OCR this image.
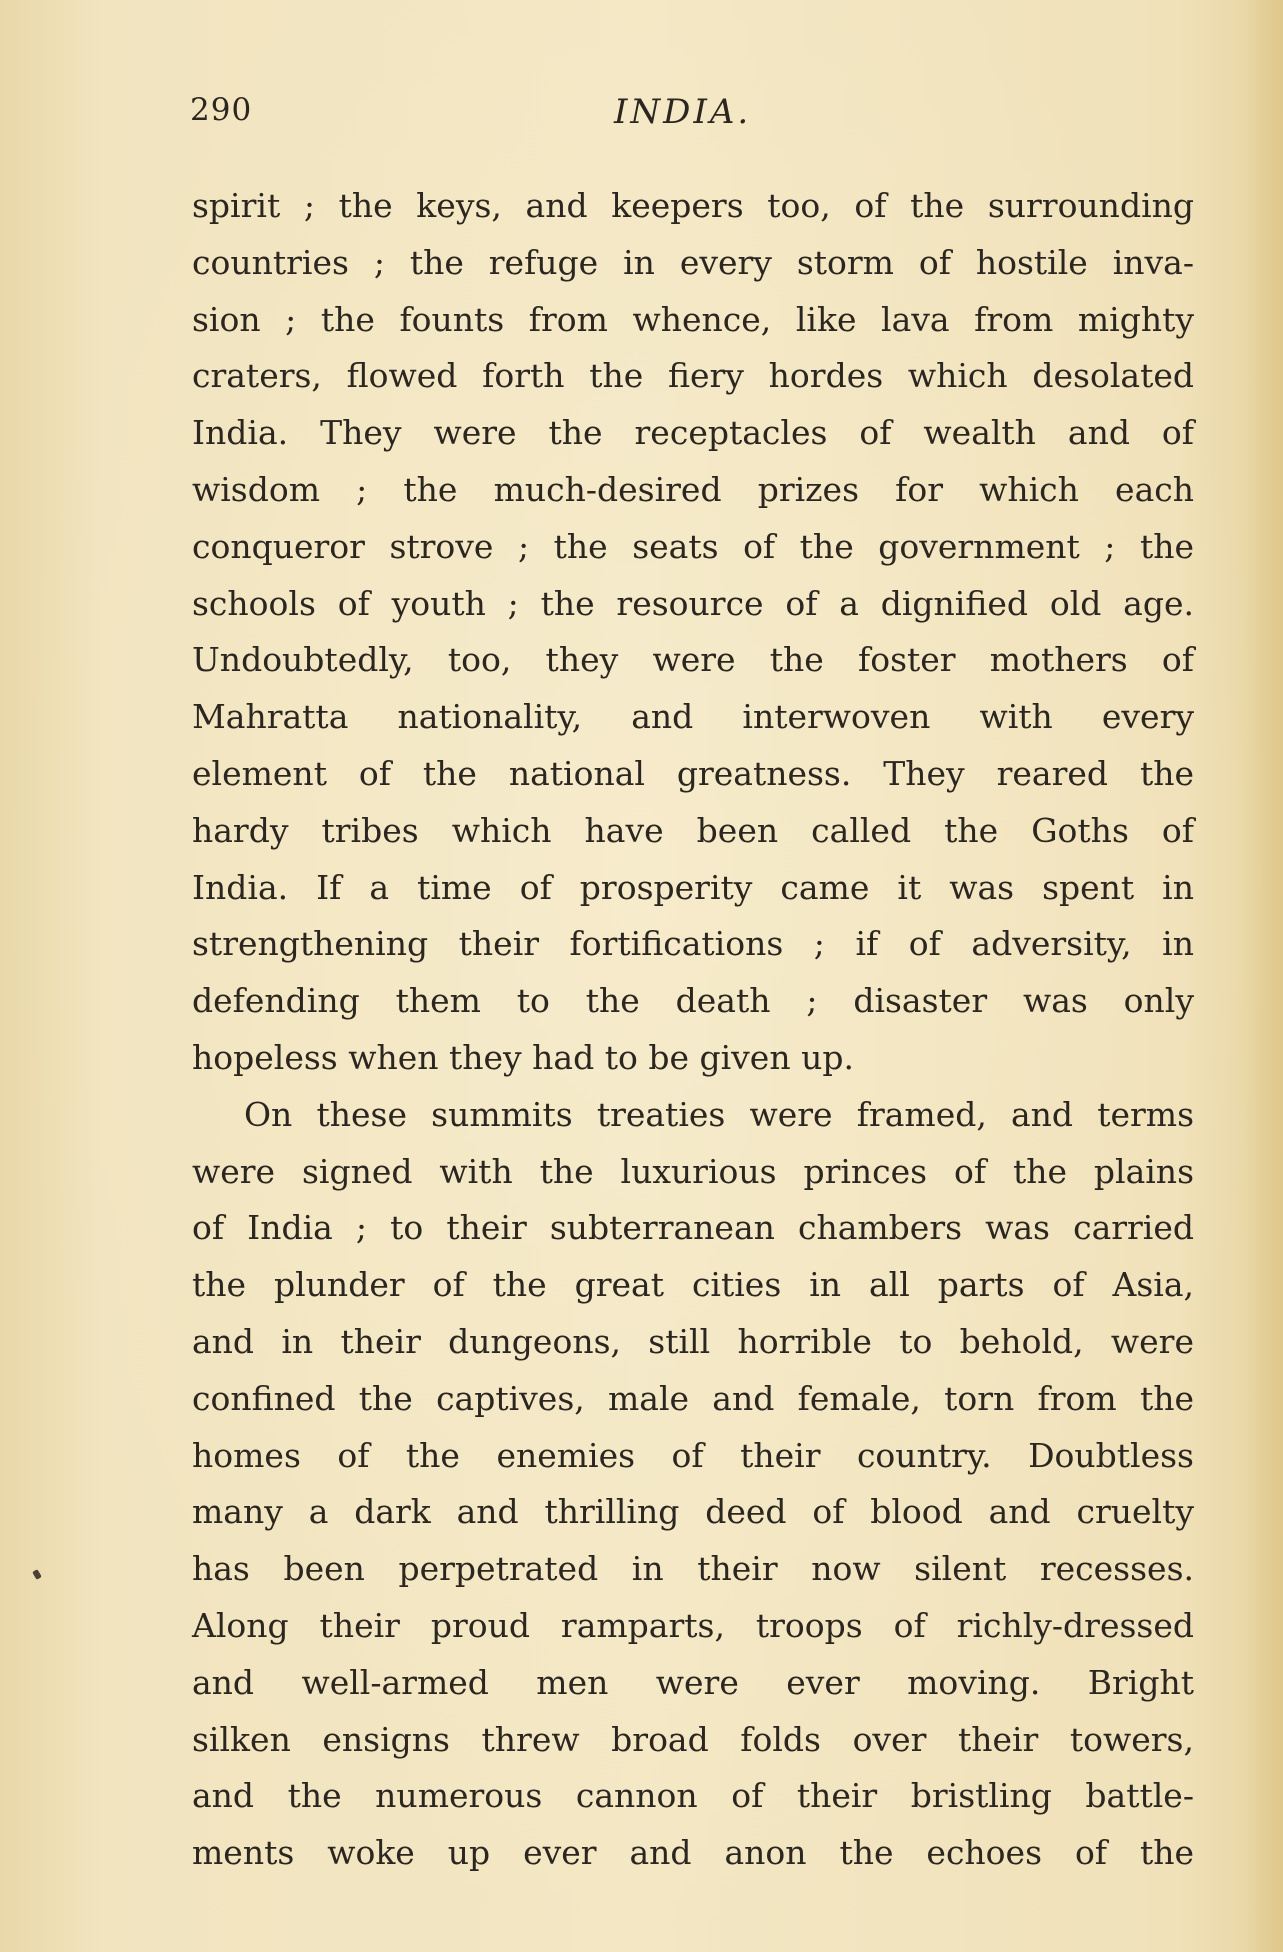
290	INDIA.
spirit ; the keys, and keepers too, of the surrounding
countries ; the refuge in every storm of hostile inva-
sion ; the founts from whence, like lava from mighty
craters, flowed forth the fiery hordes which desolated
India. They were the receptacles of wealth and of
wisdom ; the much-desired prizes for which each
conqueror strove ; the seats of the government ; the
schools of youth ; the resource of a dignified old age.
Undoubtedly, too, they were the foster mothers of
Mahratta nationality, and interwoven with every
element of the national greatness. They reared the
hardy tribes which have been called the Goths of
India. If a time of prosperity came it was spent in
strengthening their fortifications ; if of adversity, in
defending them to the death ; disaster was only
hopeless when they had to be given up.
On these summits treaties were framed, and terms
were signed with the luxurious princes of the plains
of India ; to their subterranean chambers was carried
the plunder of the great cities in all parts of Asia,
and in their dungeons, still horrible to behold, were
confined the captives, male and female, torn from the
homes of the enemies of their country. Doubtless
many a dark and thrilling deed of blood and cruelty
has been perpetrated in their now silent recesses.
Along their proud ramparts, troops of richly-dressed
and well-armed men were ever moving. Bright
silken ensigns threw broad folds over their towers,
and the numerous cannon of their bristling battle-
ments woke up ever and anon the echoes of the
